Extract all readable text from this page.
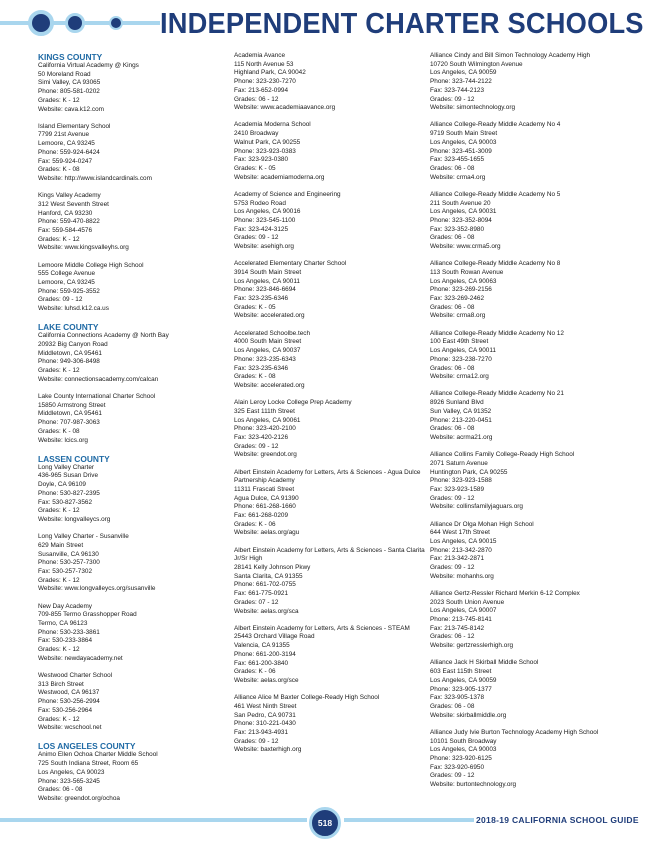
INDEPENDENT CHARTER SCHOOLS
KINGS COUNTY
California Virtual Academy @ Kings
50 Moreland Road
Simi Valley, CA 93065
Phone: 805-581-0202
Grades: K - 12
Website: cava.k12.com
Island Elementary School
7799 21st Avenue
Lemoore, CA 93245
Phone: 559-924-6424
Fax: 559-924-0247
Grades: K - 08
Website: http://www.islandcardinals.com
Kings Valley Academy
312 West Seventh Street
Hanford, CA 93230
Phone: 559-470-8822
Fax: 559-584-4576
Grades: K - 12
Website: www.kingsvalleyhs.org
Lemoore Middle College High School
555 College Avenue
Lemoore, CA 93245
Phone: 559-925-3552
Grades: 09 - 12
Website: luhsd.k12.ca.us
LAKE COUNTY
California Connections Academy @ North Bay
20932 Big Canyon Road
Middletown, CA 95461
Phone: 949-306-8498
Grades: K - 12
Website: connectionsacademy.com/calcan
Lake County International Charter School
15850 Armstrong Street
Middletown, CA 95461
Phone: 707-987-3063
Grades: K - 08
Website: lcics.org
LASSEN COUNTY
Long Valley Charter
436-965 Susan Drive
Doyle, CA 96109
Phone: 530-827-2395
Fax: 530-827-3562
Grades: K - 12
Website: longvalleycs.org
Long Valley Charter - Susanville
629 Main Street
Susanville, CA 96130
Phone: 530-257-7300
Fax: 530-257-7302
Grades: K - 12
Website: www.longvalleycs.org/susanville
New Day Academy
709-855 Termo Grasshopper Road
Termo, CA 96123
Phone: 530-233-3861
Fax: 530-233-3864
Grades: K - 12
Website: newdayacademy.net
Westwood Charter School
313 Birch Street
Westwood, CA 96137
Phone: 530-256-2994
Fax: 530-256-2964
Grades: K - 12
Website: wcschool.net
LOS ANGELES COUNTY
Animo Ellen Ochoa Charter Middle School
725 South Indiana Street, Room 65
Los Angeles, CA 90023
Phone: 323-565-3245
Grades: 06 - 08
Website: greendot.org/ochoa
Academia Avance
115 North Avenue 53
Highland Park, CA 90042
Phone: 323-230-7270
Fax: 213-652-0994
Grades: 06 - 12
Website: www.academiaavance.org
Academia Moderna School
2410 Broadway
Walnut Park, CA 90255
Phone: 323-923-0383
Fax: 323-923-0380
Grades: K - 05
Website: academiamoderna.org
Academy of Science and Engineering
5753 Rodeo Road
Los Angeles, CA 90016
Phone: 323-545-1100
Fax: 323-424-3125
Grades: 09 - 12
Website: asehigh.org
Accelerated Elementary Charter School
3914 South Main Street
Los Angeles, CA 90011
Phone: 323-846-6694
Fax: 323-235-6346
Grades: K - 05
Website: accelerated.org
Accelerated Schoolbe.tech
4000 South Main Street
Los Angeles, CA 90037
Phone: 323-235-6343
Fax: 323-235-6346
Grades: K - 08
Website: accelerated.org
Alain Leroy Locke College Prep Academy
325 East 111th Street
Los Angeles, CA 90061
Phone: 323-420-2100
Fax: 323-420-2126
Grades: 09 - 12
Website: greendot.org
Albert Einstein Academy for Letters, Arts & Sciences - Agua Dulce
Partnership Academy
11311 Frascati Street
Agua Dulce, CA 91390
Phone: 661-268-1660
Fax: 661-268-0209
Grades: K - 06
Website: aelas.org/agu
Albert Einstein Academy for Letters, Arts & Sciences - Santa Clarita
Jr/Sr High
28141 Kelly Johnson Pkwy
Santa Clarita, CA 91355
Phone: 661-702-0755
Fax: 661-775-0921
Grades: 07 - 12
Website: aelas.org/sca
Albert Einstein Academy for Letters, Arts & Sciences - STEAM
25443 Orchard Village Road
Valencia, CA 91355
Phone: 661-200-3194
Fax: 661-200-3840
Grades: K - 06
Website: aelas.org/sce
Alliance Alice M Baxter College-Ready High School
461 West Ninth Street
San Pedro, CA 90731
Phone: 310-221-0430
Fax: 213-943-4931
Grades: 09 - 12
Website: baxterhigh.org
Alliance Cindy and Bill Simon Technology Academy High
10720 South Wilmington Avenue
Los Angeles, CA 90059
Phone: 323-744-2122
Fax: 323-744-2123
Grades: 09 - 12
Website: simontechnology.org
Alliance College-Ready Middle Academy No 4
9719 South Main Street
Los Angeles, CA 90003
Phone: 323-451-3009
Fax: 323-455-1655
Grades: 06 - 08
Website: crma4.org
Alliance College-Ready Middle Academy No 5
211 South Avenue 20
Los Angeles, CA 90031
Phone: 323-352-8094
Fax: 323-352-8980
Grades: 06 - 08
Website: www.crma5.org
Alliance College-Ready Middle Academy No 8
113 South Rowan Avenue
Los Angeles, CA 90063
Phone: 323-269-2156
Fax: 323-269-2462
Grades: 06 - 08
Website: crma8.org
Alliance College-Ready Middle Academy No 12
100 East 49th Street
Los Angeles, CA 90011
Phone: 323-238-7270
Grades: 06 - 08
Website: crma12.org
Alliance College-Ready Middle Academy No 21
8926 Sunland Blvd
Sun Valley, CA 91352
Phone: 213-220-0451
Grades: 06 - 08
Website: acrma21.org
Alliance Collins Family College-Ready High School
2071 Saturn Avenue
Huntington Park, CA 90255
Phone: 323-923-1588
Fax: 323-923-1589
Grades: 09 - 12
Website: collinsfamilyjaguars.org
Alliance Dr Olga Mohan High School
644 West 17th Street
Los Angeles, CA 90015
Phone: 213-342-2870
Fax: 213-342-2871
Grades: 09 - 12
Website: mohanhs.org
Alliance Gertz-Ressler Richard Merkin 6-12 Complex
2023 South Union Avenue
Los Angeles, CA 90007
Phone: 213-745-8141
Fax: 213-745-8142
Grades: 06 - 12
Website: gertzresslerhigh.org
Alliance Jack H Skirball Middle School
603 East 115th Street
Los Angeles, CA 90059
Phone: 323-905-1377
Fax: 323-905-1378
Grades: 06 - 08
Website: skirballmiddle.org
Alliance Judy Ivie Burton Technology Academy High School
10101 South Broadway
Los Angeles, CA 90003
Phone: 323-920-6125
Fax: 323-920-6950
Grades: 09 - 12
Website: burtontechnology.org
518	2018-19 CALIFORNIA SCHOOL GUIDE
